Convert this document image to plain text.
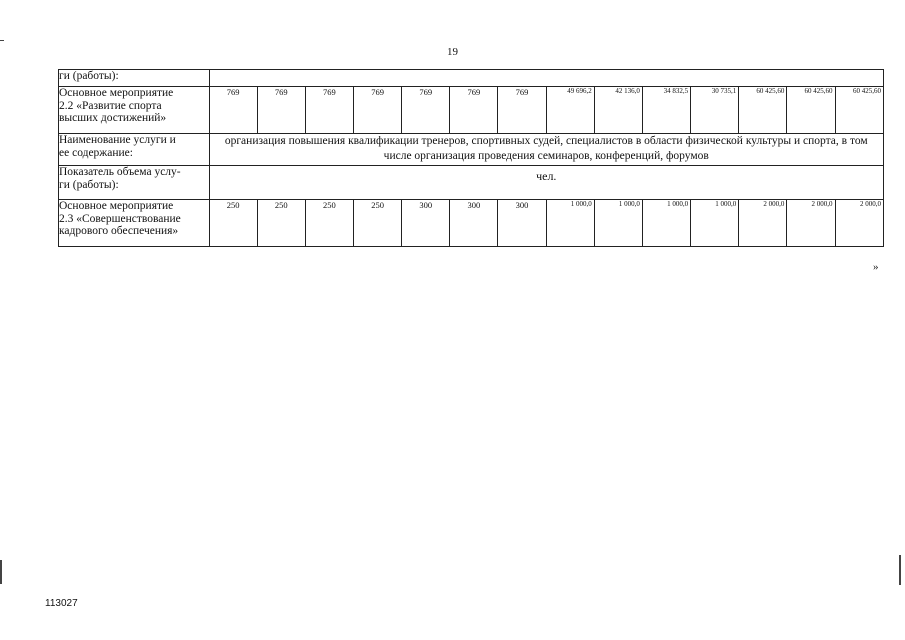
19
ги (работы):														
Основное мероприятие
2.2 «Развитие спорта
высших достижений»	769	769	769	769	769	769	769	49 696,2	42 136,0	34 832,5	30 735,1	60 425,60	60 425,60	60 425,60
Наименование услуги и
ее содержание:	организация повышения квалификации тренеров, спортивных судей, специалистов в области физической культуры и спорта, в том числе организация проведения семинаров, конференций, форумов													
Показатель объема услу-
ги (работы):	чел.													
Основное мероприятие
2.3 «Совершенствование
кадрового обеспечения»	250	250	250	250	300	300	300	1 000,0	1 000,0	1 000,0	1 000,0	2 000,0	2 000,0	2 000,0
»
113027
